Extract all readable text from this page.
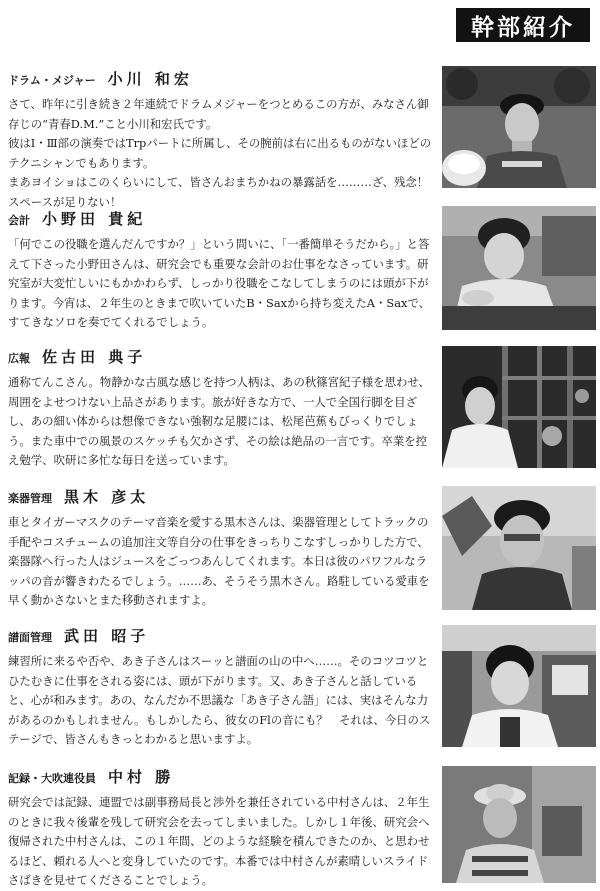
幹部紹介
ドラム・メジャー 小川 和宏

さて、昨年に引き続き２年連続でドラムメジャーをつとめるこの方が、みなさん御存じの“青春D.M.”こと小川和宏氏です。

彼はⅠ・Ⅲ部の演奏ではTrpパートに所属し、その腕前は右に出るものがないほどのテクニシャンでもあります。

まあヨイショはこのくらいにして、皆さんおまちかねの暴露話を………ざ、残念！スペースが足りない！

会計 小野田 貴紀

「何でこの役職を選んだんですか？」という問いに、「一番簡単そうだから。」と答えて下さった小野田さんは、研究会でも重要な会計のお仕事をなさっています。研究室が大変忙しいにもかかわらず、しっかり役職をこなしてしまうのには頭が下がります。今宵は、２年生のときまで吹いていたB・Saxから持ち変えたA・Saxで、すてきなソロを奏でてくれるでしょう。

広報 佐古田 典子

通称てんこさん。物静かな古風な感じを持つ人柄は、あの秋篠宮紀子様を思わせ、周囲をよせつけない上品さがあります。旅が好きな方で、一人で全国行脚を目ざし、あの細い体からは想像できない強靭な足腰には、松尾芭蕉もびっくりでしょう。また車中での風景のスケッチも欠かさず、その絵は絶品の一言です。卒業を控え勉学、吹研に多忙な毎日を送っています。

楽器管理 黒木 彦太

車とタイガーマスクのテーマ音楽を愛する黒木さんは、楽器管理としてトラックの手配やコスチュームの追加注文等自分の仕事をきっちりこなすしっかりした方で、楽器隊へ行った人はジュースをごっつあんしてくれます。本日は彼のパワフルなラッパの音が響きわたるでしょう。……あ、そうそう黒木さん。路駐している愛車を早く動かさないとまた移動されますよ。

譜面管理 武田 昭子

練習所に来るや否や、あき子さんはスーッと譜面の山の中へ……。そのコツコツとひたむきに仕事をされる姿には、頭が下がります。又、あき子さんと話していると、心が和みます。あの、なんだか不思議な「あき子さん語」には、実はそんな力があるのかもしれません。もしかしたら、彼女のFlの音にも？　それは、今日のステージで、皆さんもきっとわかると思いますよ。

記録・大吹連役員 中村 勝

研究会では記録、連盟では副事務局長と渉外を兼任されている中村さんは、２年生のときに我々後輩を残して研究会を去ってしまいました。しかし１年後、研究会へ復帰された中村さんは、この１年間、どのような経験を積んできたのか、と思わせるほど、頼れる人へと変身していたのです。本番では中村さんが素晴しいスライドさばきを見せてくださることでしょう。
